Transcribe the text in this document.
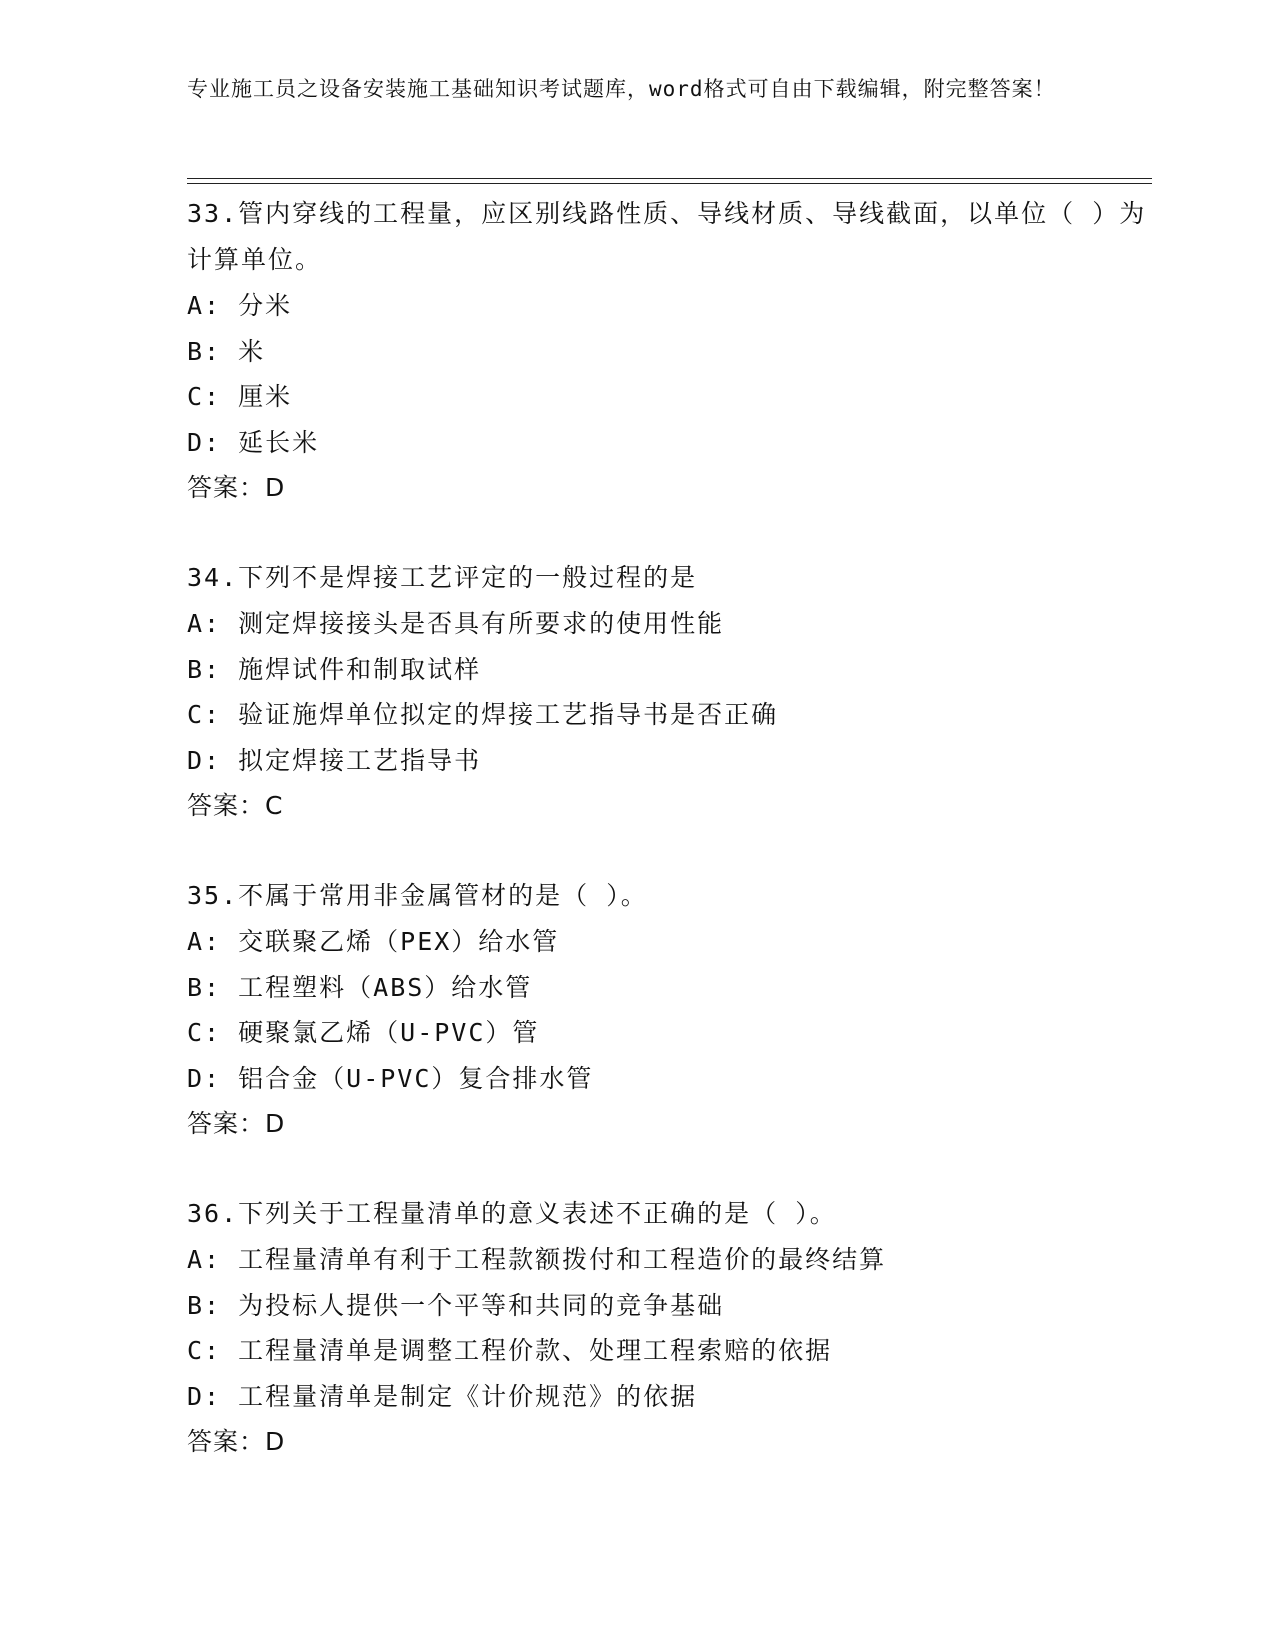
专业施工员之设备安装施工基础知识考试题库，word格式可自由下载编辑，附完整答案！
33.管内穿线的工程量，应区别线路性质、导线材质、导线截面，以单位（ ）为计算单位。
A: 分米
B: 米
C: 厘米
D: 延长米
答案：D
34.下列不是焊接工艺评定的一般过程的是
A: 测定焊接接头是否具有所要求的使用性能
B: 施焊试件和制取试样
C: 验证施焊单位拟定的焊接工艺指导书是否正确
D: 拟定焊接工艺指导书
答案：C
35.不属于常用非金属管材的是（ ）。
A: 交联聚乙烯（PEX）给水管
B: 工程塑料（ABS）给水管
C: 硬聚氯乙烯（U-PVC）管
D: 铝合金（U-PVC）复合排水管
答案：D
36.下列关于工程量清单的意义表述不正确的是（ ）。
A: 工程量清单有利于工程款额拨付和工程造价的最终结算
B: 为投标人提供一个平等和共同的竞争基础
C: 工程量清单是调整工程价款、处理工程索赔的依据
D: 工程量清单是制定《计价规范》的依据
答案：D
